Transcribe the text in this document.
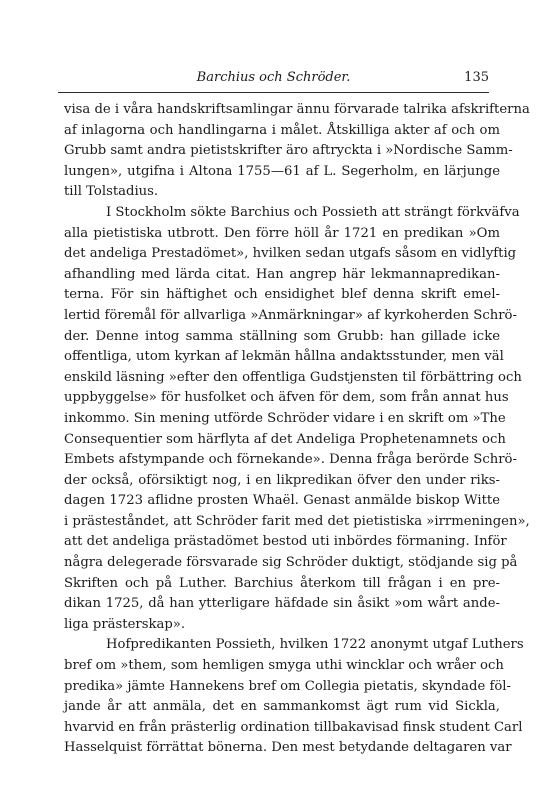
Barchius och Schröder.	135
visa de i våra handskriftsamlingar ännu förvarade talrika afskrifterna
af inlagorna och handlingarna i målet. Åtskilliga akter af och om
Grubb samt andra pietistskrifter äro aftryckta i »Nordische Samm-
lungen», utgifna i Altona 1755—61 af L. Segerholm, en lärjunge
till Tolstadius.
I Stockholm sökte Barchius och Possieth att strängt förkväfva
alla pietistiska utbrott. Den förre höll år 1721 en predikan »Om
det andeliga Prestadömet», hvilken sedan utgafs såsom en vidlyftig
afhandling med lärda citat. Han angrep här lekmannapredikan-
terna. För sin häftighet och ensidighet blef denna skrift emel-
lertid föremål för allvarliga »Anmärkningar» af kyrkoherden Schrö-
der. Denne intog samma ställning som Grubb: han gillade icke
offentliga, utom kyrkan af lekmän hållna andaktsstunder, men väl
enskild läsning »efter den offentliga Gudstjensten til förbättring och
uppbyggelse» för husfolket och äfven för dem, som från annat hus
inkommo. Sin mening utförde Schröder vidare i en skrift om »The
Consequentier som härflyta af det Andeliga Prophetenamnets och
Embets afstympande och förnekande». Denna fråga berörde Schrö-
der också, oförsiktigt nog, i en likpredikan öfver den under riks-
dagen 1723 aflidne prosten Whaël. Genast anmälde biskop Witte
i prästeståndet, att Schröder farit med det pietistiska »irrmeningen»,
att det andeliga prästadömet bestod uti inbördes förmaning. Inför
några delegerade försvarade sig Schröder duktigt, stödjande sig på
Skriften och på Luther. Barchius återkom till frågan i en pre-
dikan 1725, då han ytterligare häfdade sin åsikt »om wårt ande-
liga prästerskap».
Hofpredikanten Possieth, hvilken 1722 anonymt utgaf Luthers
bref om »them, som hemligen smyga uthi wincklar och wråer och
predika» jämte Hannekens bref om Collegia pietatis, skyndade föl-
jande år att anmäla, det en sammankomst ägt rum vid Sickla,
hvarvid en från prästerlig ordination tillbakavisad finsk student Carl
Hasselquist förrättat bönerna. Den mest betydande deltagaren var
